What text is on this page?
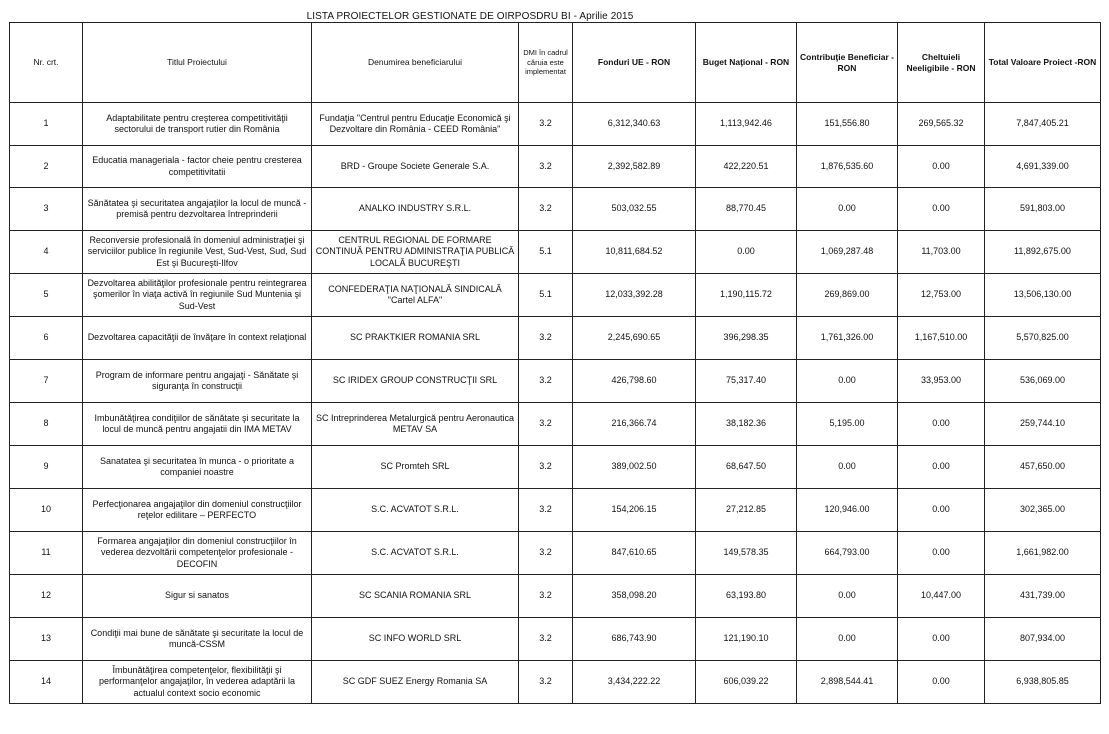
LISTA PROIECTELOR GESTIONATE DE OIRPOSDRU BI - Aprilie 2015
Nr. crt.	Titlul Proiectului	Denumirea beneficiarului	DMI în cadrul căruia este implementat	Fonduri UE - RON	Buget Naţional - RON	Contribuţie Beneficiar - RON	Cheltuieli Neeligibile - RON	Total Valoare Proiect -RON
1	Adaptabilitate pentru creşterea competitivităţii sectorului de transport rutier din România	Fundaţia "Centrul pentru Educaţie Economică şi Dezvoltare din România - CEED România"	3.2	6,312,340.63	1,113,942.46	151,556.80	269,565.32	7,847,405.21
2	Educatia manageriala - factor cheie pentru cresterea competitivitatii	BRD - Groupe Societe Generale S.A.	3.2	2,392,582.89	422,220.51	1,876,535.60	0.00	4,691,339.00
3	Sănătatea şi securitatea angajaţilor la locul de muncă - premisă pentru dezvoltarea întreprinderii	ANALKO INDUSTRY S.R.L.	3.2	503,032.55	88,770.45	0.00	0.00	591,803.00
4	Reconversie profesională în domeniul administraţiei şi serviciilor publice în regiunile Vest, Sud-Vest, Sud, Sud Est şi Bucureşti-Ilfov	CENTRUL REGIONAL DE FORMARE CONTINUĂ PENTRU ADMINISTRAŢIA PUBLICĂ LOCALĂ BUCUREŞTI	5.1	10,811,684.52	0.00	1,069,287.48	11,703.00	11,892,675.00
5	Dezvoltarea abilităţilor profesionale pentru reintegrarea şomerilor în viaţa activă în regiunile Sud Muntenia şi Sud-Vest	CONFEDERAŢIA NAŢIONALĂ SINDICALĂ "Cartel ALFA"	5.1	12,033,392.28	1,190,115.72	269,869.00	12,753.00	13,506,130.00
6	Dezvoltarea capacităţii de învăţare în context relaţional	SC PRAKTKIER ROMANIA SRL	3.2	2,245,690.65	396,298.35	1,761,326.00	1,167,510.00	5,570,825.00
7	Program de informare pentru angajaţi - Sănătate şi siguranţa în construcţii	SC IRIDEX GROUP CONSTRUCŢII SRL	3.2	426,798.60	75,317.40	0.00	33,953.00	536,069.00
8	Imbunătăţirea condiţiilor de sănătate şi securitate la locul de muncă pentru angajatii din IMA METAV	SC Intreprinderea Metalurgică pentru Aeronautica METAV SA	3.2	216,366.74	38,182.36	5,195.00	0.00	259,744.10
9	Sanatatea şi securitatea în munca - o prioritate a companiei noastre	SC Promteh SRL	3.2	389,002.50	68,647.50	0.00	0.00	457,650.00
10	Perfecţionarea angajaţilor din domeniul construcţiilor reţelor edilitare – PERFECTO	S.C. ACVATOT S.R.L.	3.2	154,206.15	27,212.85	120,946.00	0.00	302,365.00
11	Formarea angajaţilor din domeniul construcţiilor în vederea dezvoltării competenţelor profesionale - DECOFIN	S.C. ACVATOT S.R.L.	3.2	847,610.65	149,578.35	664,793.00	0.00	1,661,982.00
12	Sigur si sanatos	SC SCANIA ROMANIA SRL	3.2	358,098.20	63,193.80	0.00	10,447.00	431,739.00
13	Condiţii mai bune de sănătate şi securitate la locul de muncă-CSSM	SC INFO WORLD SRL	3.2	686,743.90	121,190.10	0.00	0.00	807,934.00
14	Îmbunătăţirea competenţelor, flexibilităţii şi performanţelor angajaţilor, în vederea adaptării la actualul context socio economic	SC GDF SUEZ Energy Romania SA	3.2	3,434,222.22	606,039.22	2,898,544.41	0.00	6,938,805.85
